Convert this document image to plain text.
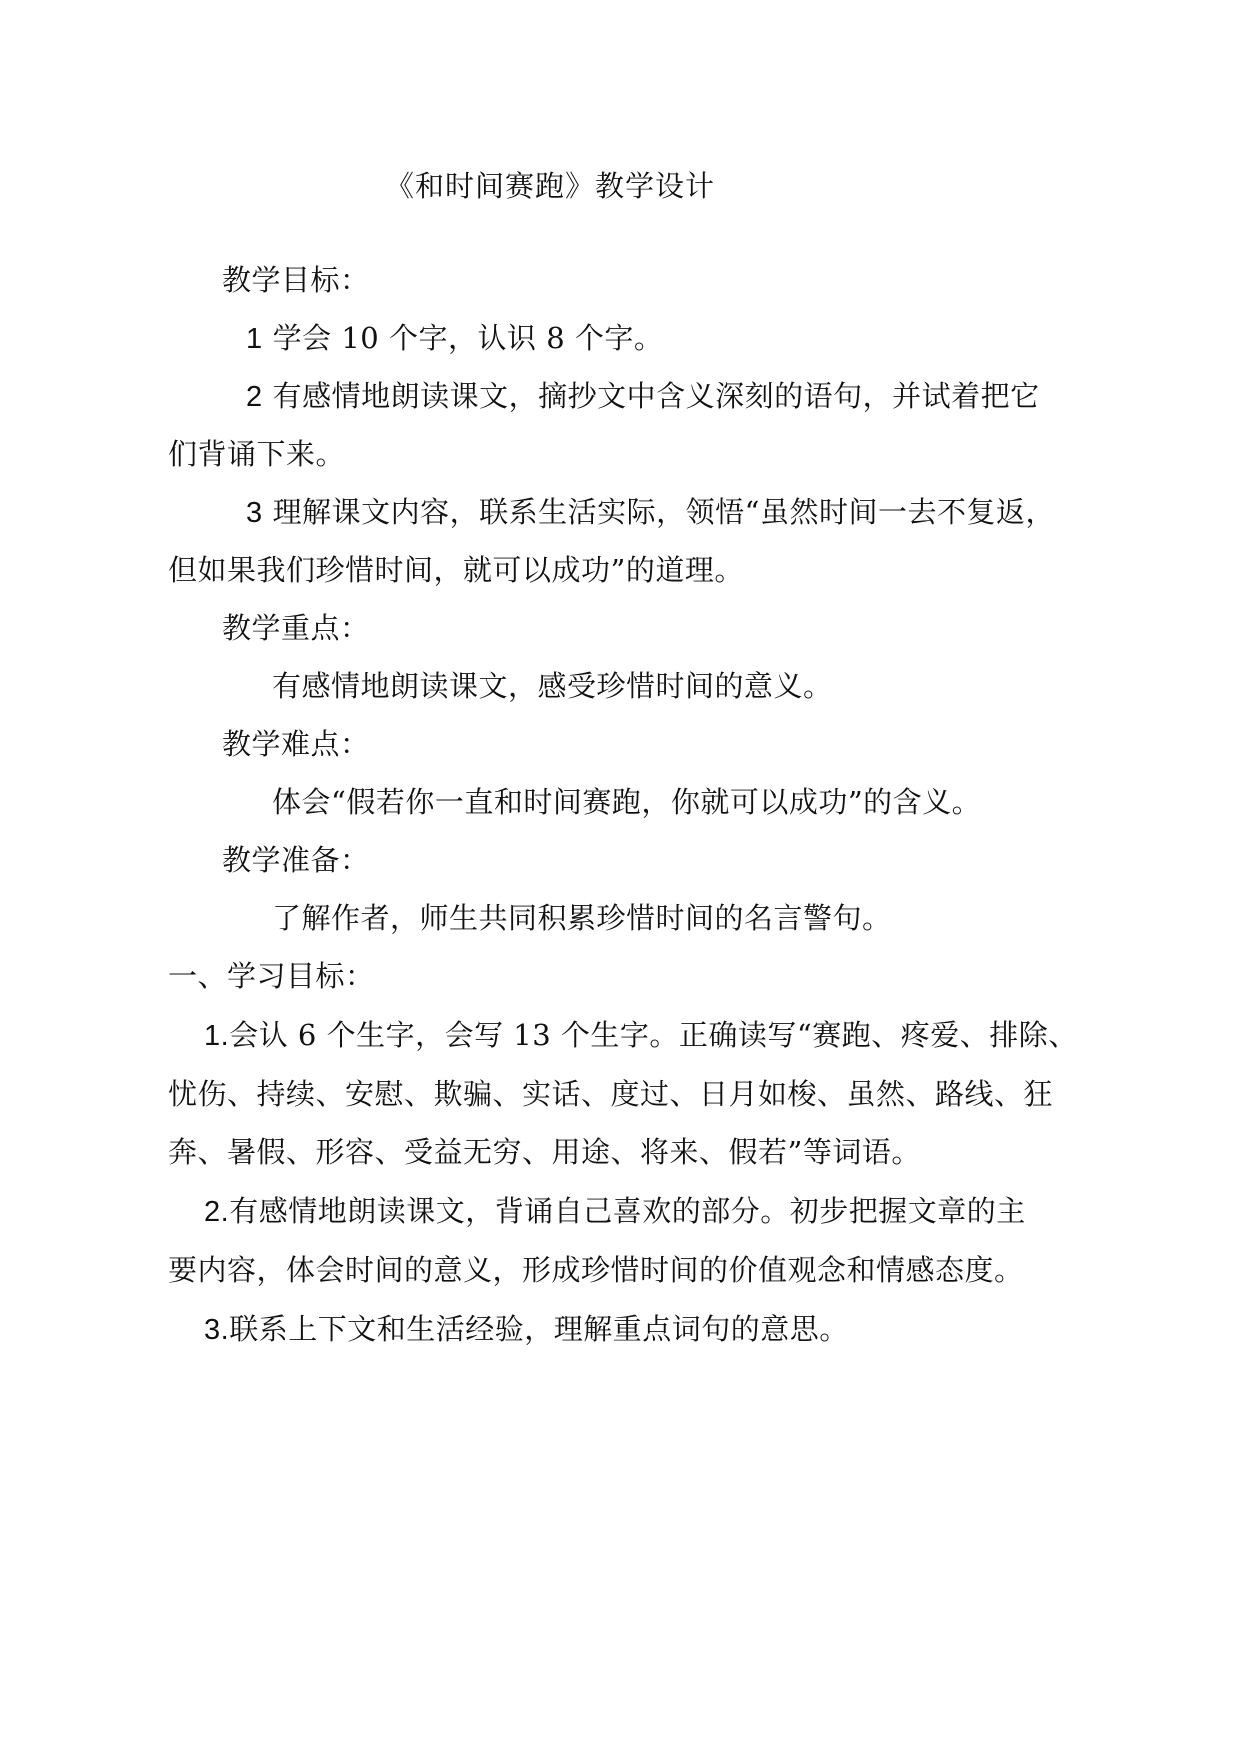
《和时间赛跑》教学设计
教学目标：
1 学会 10 个字，认识 8 个字。
2 有感情地朗读课文，摘抄文中含义深刻的语句，并试着把它
们背诵下来。
3 理解课文内容，联系生活实际，领悟“虽然时间一去不复返，
但如果我们珍惜时间，就可以成功”的道理。
教学重点：
有感情地朗读课文，感受珍惜时间的意义。
教学难点：
体会“假若你一直和时间赛跑，你就可以成功”的含义。
教学准备：
了解作者，师生共同积累珍惜时间的名言警句。
一、学习目标：
1.会认 6 个生字，会写 13 个生字。正确读写“赛跑、疼爱、排除、
忧伤、持续、安慰、欺骗、实话、度过、日月如梭、虽然、路线、狂
奔、暑假、形容、受益无穷、用途、将来、假若”等词语。
2.有感情地朗读课文，背诵自己喜欢的部分。初步把握文章的主
要内容，体会时间的意义，形成珍惜时间的价值观念和情感态度。
3.联系上下文和生活经验，理解重点词句的意思。
